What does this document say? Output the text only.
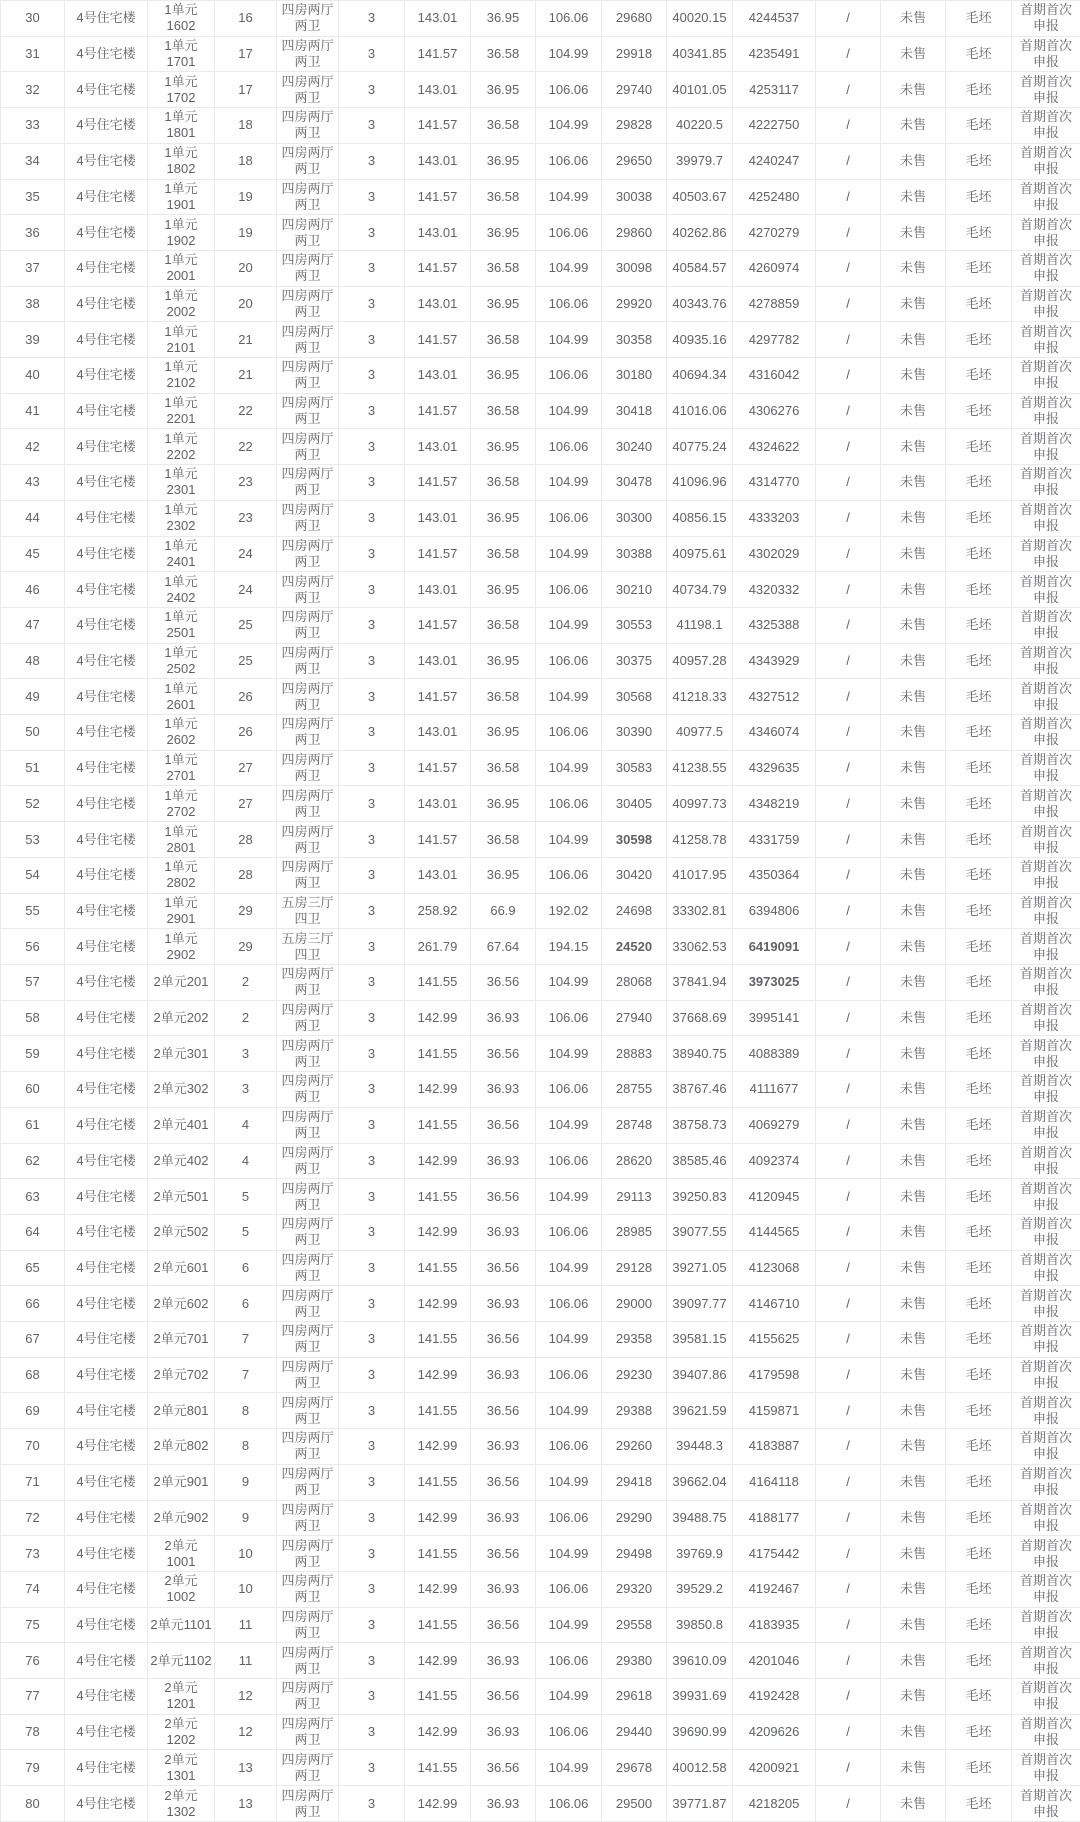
30	4号住宅楼	1单元1602	16	四房两厅两卫	3	143.01	36.95	106.06	29680	40020.15	4244537	/	未售	毛坯	首期首次申报
31	4号住宅楼	1单元1701	17	四房两厅两卫	3	141.57	36.58	104.99	29918	40341.85	4235491	/	未售	毛坯	首期首次申报
32	4号住宅楼	1单元1702	17	四房两厅两卫	3	143.01	36.95	106.06	29740	40101.05	4253117	/	未售	毛坯	首期首次申报
33	4号住宅楼	1单元1801	18	四房两厅两卫	3	141.57	36.58	104.99	29828	40220.5	4222750	/	未售	毛坯	首期首次申报
34	4号住宅楼	1单元1802	18	四房两厅两卫	3	143.01	36.95	106.06	29650	39979.7	4240247	/	未售	毛坯	首期首次申报
35	4号住宅楼	1单元1901	19	四房两厅两卫	3	141.57	36.58	104.99	30038	40503.67	4252480	/	未售	毛坯	首期首次申报
36	4号住宅楼	1单元1902	19	四房两厅两卫	3	143.01	36.95	106.06	29860	40262.86	4270279	/	未售	毛坯	首期首次申报
37	4号住宅楼	1单元2001	20	四房两厅两卫	3	141.57	36.58	104.99	30098	40584.57	4260974	/	未售	毛坯	首期首次申报
38	4号住宅楼	1单元2002	20	四房两厅两卫	3	143.01	36.95	106.06	29920	40343.76	4278859	/	未售	毛坯	首期首次申报
39	4号住宅楼	1单元2101	21	四房两厅两卫	3	141.57	36.58	104.99	30358	40935.16	4297782	/	未售	毛坯	首期首次申报
40	4号住宅楼	1单元2102	21	四房两厅两卫	3	143.01	36.95	106.06	30180	40694.34	4316042	/	未售	毛坯	首期首次申报
41	4号住宅楼	1单元2201	22	四房两厅两卫	3	141.57	36.58	104.99	30418	41016.06	4306276	/	未售	毛坯	首期首次申报
42	4号住宅楼	1单元2202	22	四房两厅两卫	3	143.01	36.95	106.06	30240	40775.24	4324622	/	未售	毛坯	首期首次申报
43	4号住宅楼	1单元2301	23	四房两厅两卫	3	141.57	36.58	104.99	30478	41096.96	4314770	/	未售	毛坯	首期首次申报
44	4号住宅楼	1单元2302	23	四房两厅两卫	3	143.01	36.95	106.06	30300	40856.15	4333203	/	未售	毛坯	首期首次申报
45	4号住宅楼	1单元2401	24	四房两厅两卫	3	141.57	36.58	104.99	30388	40975.61	4302029	/	未售	毛坯	首期首次申报
46	4号住宅楼	1单元2402	24	四房两厅两卫	3	143.01	36.95	106.06	30210	40734.79	4320332	/	未售	毛坯	首期首次申报
47	4号住宅楼	1单元2501	25	四房两厅两卫	3	141.57	36.58	104.99	30553	41198.1	4325388	/	未售	毛坯	首期首次申报
48	4号住宅楼	1单元2502	25	四房两厅两卫	3	143.01	36.95	106.06	30375	40957.28	4343929	/	未售	毛坯	首期首次申报
49	4号住宅楼	1单元2601	26	四房两厅两卫	3	141.57	36.58	104.99	30568	41218.33	4327512	/	未售	毛坯	首期首次申报
50	4号住宅楼	1单元2602	26	四房两厅两卫	3	143.01	36.95	106.06	30390	40977.5	4346074	/	未售	毛坯	首期首次申报
51	4号住宅楼	1单元2701	27	四房两厅两卫	3	141.57	36.58	104.99	30583	41238.55	4329635	/	未售	毛坯	首期首次申报
52	4号住宅楼	1单元2702	27	四房两厅两卫	3	143.01	36.95	106.06	30405	40997.73	4348219	/	未售	毛坯	首期首次申报
53	4号住宅楼	1单元2801	28	四房两厅两卫	3	141.57	36.58	104.99	30598	41258.78	4331759	/	未售	毛坯	首期首次申报
54	4号住宅楼	1单元2802	28	四房两厅两卫	3	143.01	36.95	106.06	30420	41017.95	4350364	/	未售	毛坯	首期首次申报
55	4号住宅楼	1单元2901	29	五房三厅四卫	3	258.92	66.9	192.02	24698	33302.81	6394806	/	未售	毛坯	首期首次申报
56	4号住宅楼	1单元2902	29	五房三厅四卫	3	261.79	67.64	194.15	24520	33062.53	6419091	/	未售	毛坯	首期首次申报
57	4号住宅楼	2单元201	2	四房两厅两卫	3	141.55	36.56	104.99	28068	37841.94	3973025	/	未售	毛坯	首期首次申报
58	4号住宅楼	2单元202	2	四房两厅两卫	3	142.99	36.93	106.06	27940	37668.69	3995141	/	未售	毛坯	首期首次申报
59	4号住宅楼	2单元301	3	四房两厅两卫	3	141.55	36.56	104.99	28883	38940.75	4088389	/	未售	毛坯	首期首次申报
60	4号住宅楼	2单元302	3	四房两厅两卫	3	142.99	36.93	106.06	28755	38767.46	4111677	/	未售	毛坯	首期首次申报
61	4号住宅楼	2单元401	4	四房两厅两卫	3	141.55	36.56	104.99	28748	38758.73	4069279	/	未售	毛坯	首期首次申报
62	4号住宅楼	2单元402	4	四房两厅两卫	3	142.99	36.93	106.06	28620	38585.46	4092374	/	未售	毛坯	首期首次申报
63	4号住宅楼	2单元501	5	四房两厅两卫	3	141.55	36.56	104.99	29113	39250.83	4120945	/	未售	毛坯	首期首次申报
64	4号住宅楼	2单元502	5	四房两厅两卫	3	142.99	36.93	106.06	28985	39077.55	4144565	/	未售	毛坯	首期首次申报
65	4号住宅楼	2单元601	6	四房两厅两卫	3	141.55	36.56	104.99	29128	39271.05	4123068	/	未售	毛坯	首期首次申报
66	4号住宅楼	2单元602	6	四房两厅两卫	3	142.99	36.93	106.06	29000	39097.77	4146710	/	未售	毛坯	首期首次申报
67	4号住宅楼	2单元701	7	四房两厅两卫	3	141.55	36.56	104.99	29358	39581.15	4155625	/	未售	毛坯	首期首次申报
68	4号住宅楼	2单元702	7	四房两厅两卫	3	142.99	36.93	106.06	29230	39407.86	4179598	/	未售	毛坯	首期首次申报
69	4号住宅楼	2单元801	8	四房两厅两卫	3	141.55	36.56	104.99	29388	39621.59	4159871	/	未售	毛坯	首期首次申报
70	4号住宅楼	2单元802	8	四房两厅两卫	3	142.99	36.93	106.06	29260	39448.3	4183887	/	未售	毛坯	首期首次申报
71	4号住宅楼	2单元901	9	四房两厅两卫	3	141.55	36.56	104.99	29418	39662.04	4164118	/	未售	毛坯	首期首次申报
72	4号住宅楼	2单元902	9	四房两厅两卫	3	142.99	36.93	106.06	29290	39488.75	4188177	/	未售	毛坯	首期首次申报
73	4号住宅楼	2单元1001	10	四房两厅两卫	3	141.55	36.56	104.99	29498	39769.9	4175442	/	未售	毛坯	首期首次申报
74	4号住宅楼	2单元1002	10	四房两厅两卫	3	142.99	36.93	106.06	29320	39529.2	4192467	/	未售	毛坯	首期首次申报
75	4号住宅楼	2单元1101	11	四房两厅两卫	3	141.55	36.56	104.99	29558	39850.8	4183935	/	未售	毛坯	首期首次申报
76	4号住宅楼	2单元1102	11	四房两厅两卫	3	142.99	36.93	106.06	29380	39610.09	4201046	/	未售	毛坯	首期首次申报
77	4号住宅楼	2单元1201	12	四房两厅两卫	3	141.55	36.56	104.99	29618	39931.69	4192428	/	未售	毛坯	首期首次申报
78	4号住宅楼	2单元1202	12	四房两厅两卫	3	142.99	36.93	106.06	29440	39690.99	4209626	/	未售	毛坯	首期首次申报
79	4号住宅楼	2单元1301	13	四房两厅两卫	3	141.55	36.56	104.99	29678	40012.58	4200921	/	未售	毛坯	首期首次申报
80	4号住宅楼	2单元1302	13	四房两厅两卫	3	142.99	36.93	106.06	29500	39771.87	4218205	/	未售	毛坯	首期首次申报
